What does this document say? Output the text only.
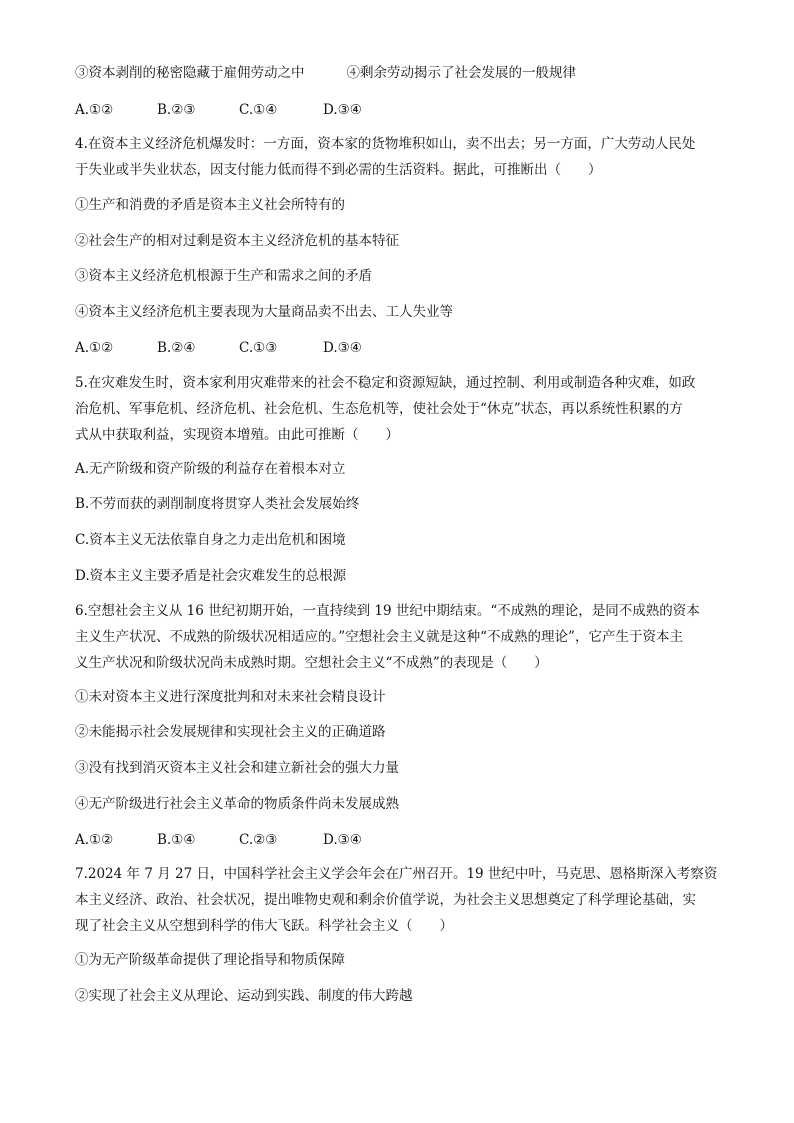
③资本剥削的秘密隐藏于雇佣劳动之中	④剩余劳动揭示了社会发展的一般规律
A.①②	B.②③	C.①④	D.③④
4.在资本主义经济危机爆发时：一方面，资本家的货物堆积如山，卖不出去；另一方面，广大劳动人民处
于失业或半失业状态，因支付能力低而得不到必需的生活资料。据此，可推断出（　　）
①生产和消费的矛盾是资本主义社会所特有的
②社会生产的相对过剩是资本主义经济危机的基本特征
③资本主义经济危机根源于生产和需求之间的矛盾
④资本主义经济危机主要表现为大量商品卖不出去、工人失业等
A.①②	B.②④	C.①③	D.③④
5.在灾难发生时，资本家利用灾难带来的社会不稳定和资源短缺，通过控制、利用或制造各种灾难，如政
治危机、军事危机、经济危机、社会危机、生态危机等，使社会处于“休克”状态，再以系统性积累的方
式从中获取利益，实现资本增殖。由此可推断（　　）
A.无产阶级和资产阶级的利益存在着根本对立
B.不劳而获的剥削制度将贯穿人类社会发展始终
C.资本主义无法依靠自身之力走出危机和困境
D.资本主义主要矛盾是社会灾难发生的总根源
6.空想社会主义从 16 世纪初期开始，一直持续到 19 世纪中期结束。“不成熟的理论，是同不成熟的资本
主义生产状况、不成熟的阶级状况相适应的。”空想社会主义就是这种“不成熟的理论”，它产生于资本主
义生产状况和阶级状况尚未成熟时期。空想社会主义“不成熟”的表现是（　　）
①未对资本主义进行深度批判和对未来社会精良设计
②未能揭示社会发展规律和实现社会主义的正确道路
③没有找到消灭资本主义社会和建立新社会的强大力量
④无产阶级进行社会主义革命的物质条件尚未发展成熟
A.①②	B.①④	C.②③	D.③④
7.2024 年 7 月 27 日，中国科学社会主义学会年会在广州召开。19 世纪中叶，马克思、恩格斯深入考察资
本主义经济、政治、社会状况，提出唯物史观和剩余价值学说，为社会主义思想奠定了科学理论基础，实
现了社会主义从空想到科学的伟大飞跃。科学社会主义（　　）
①为无产阶级革命提供了理论指导和物质保障
②实现了社会主义从理论、运动到实践、制度的伟大跨越
